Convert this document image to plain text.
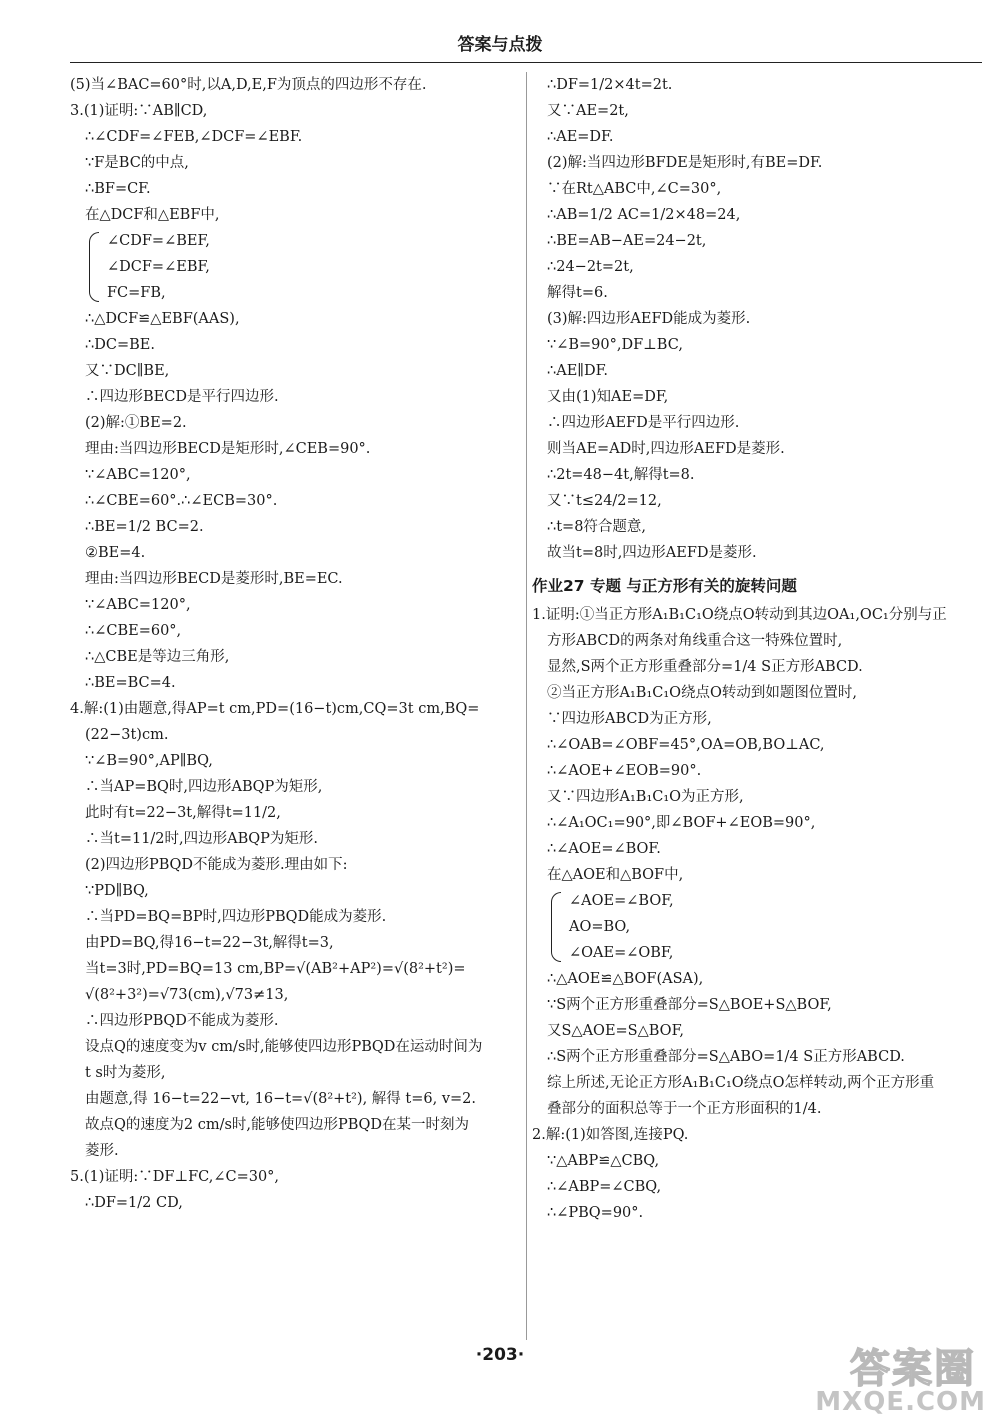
答案与点拨

(5)当∠BAC=60°时,以A,D,E,F为顶点的四边形不存在.

3.(1)证明:∵AB∥CD,

∴∠CDF=∠FEB,∠DCF=∠EBF.

∵F是BC的中点,

∴BF=CF.

在△DCF和△EBF中,

∠CDF=∠BEF,

∠DCF=∠EBF,

FC=FB,

∴△DCF≌△EBF(AAS),

∴DC=BE.

又∵DC∥BE,

∴四边形BECD是平行四边形.

(2)解:①BE=2.

理由:当四边形BECD是矩形时,∠CEB=90°.

∵∠ABC=120°,

∴∠CBE=60°.∴∠ECB=30°.

∴BE=1/2 BC=2.

②BE=4.

理由:当四边形BECD是菱形时,BE=EC.

∵∠ABC=120°,

∴∠CBE=60°,

∴△CBE是等边三角形,

∴BE=BC=4.

4.解:(1)由题意,得AP=t cm,PD=(16−t)cm,CQ=3t cm,BQ=

(22−3t)cm.

∵∠B=90°,AP∥BQ,

∴当AP=BQ时,四边形ABQP为矩形,

此时有t=22−3t,解得t=11/2,

∴当t=11/2时,四边形ABQP为矩形.

(2)四边形PBQD不能成为菱形.理由如下:

∵PD∥BQ,

∴当PD=BQ=BP时,四边形PBQD能成为菱形.

由PD=BQ,得16−t=22−3t,解得t=3,

当t=3时,PD=BQ=13 cm,BP=√(AB²+AP²)=√(8²+t²)=

√(8²+3²)=√73(cm),√73≠13,

∴四边形PBQD不能成为菱形.

设点Q的速度变为v cm/s时,能够使四边形PBQD在运动时间为

t s时为菱形,

由题意,得 16−t=22−vt, 16−t=√(8²+t²), 解得 t=6, v=2.

故点Q的速度为2 cm/s时,能够使四边形PBQD在某一时刻为

菱形.

5.(1)证明:∵DF⊥FC,∠C=30°,

∴DF=1/2 CD,

∴DF=1/2×4t=2t.

又∵AE=2t,

∴AE=DF.

(2)解:当四边形BFDE是矩形时,有BE=DF.

∵在Rt△ABC中,∠C=30°,

∴AB=1/2 AC=1/2×48=24,

∴BE=AB−AE=24−2t,

∴24−2t=2t,

解得t=6.

(3)解:四边形AEFD能成为菱形.

∵∠B=90°,DF⊥BC,

∴AE∥DF.

又由(1)知AE=DF,

∴四边形AEFD是平行四边形.

则当AE=AD时,四边形AEFD是菱形.

∴2t=48−4t,解得t=8.

又∵t≤24/2=12,

∴t=8符合题意,

故当t=8时,四边形AEFD是菱形.

作业27 专题 与正方形有关的旋转问题

1.证明:①当正方形A₁B₁C₁O绕点O转动到其边OA₁,OC₁分别与正

方形ABCD的两条对角线重合这一特殊位置时,

显然,S两个正方形重叠部分=1/4 S正方形ABCD.

②当正方形A₁B₁C₁O绕点O转动到如题图位置时,

∵四边形ABCD为正方形,

∴∠OAB=∠OBF=45°,OA=OB,BO⊥AC,

∴∠AOE+∠EOB=90°.

又∵四边形A₁B₁C₁O为正方形,

∴∠A₁OC₁=90°,即∠BOF+∠EOB=90°,

∴∠AOE=∠BOF.

在△AOE和△BOF中,

∠AOE=∠BOF,

AO=BO,

∠OAE=∠OBF,

∴△AOE≌△BOF(ASA),

∵S两个正方形重叠部分=S△BOE+S△BOF,

又S△AOE=S△BOF,

∴S两个正方形重叠部分=S△ABO=1/4 S正方形ABCD.

综上所述,无论正方形A₁B₁C₁O绕点O怎样转动,两个正方形重

叠部分的面积总等于一个正方形面积的1/4.

2.解:(1)如答图,连接PQ.

∵△ABP≌△CBQ,

∴∠ABP=∠CBQ,

∴∠PBQ=90°.

·203·	答案圈
MXQE.COM
